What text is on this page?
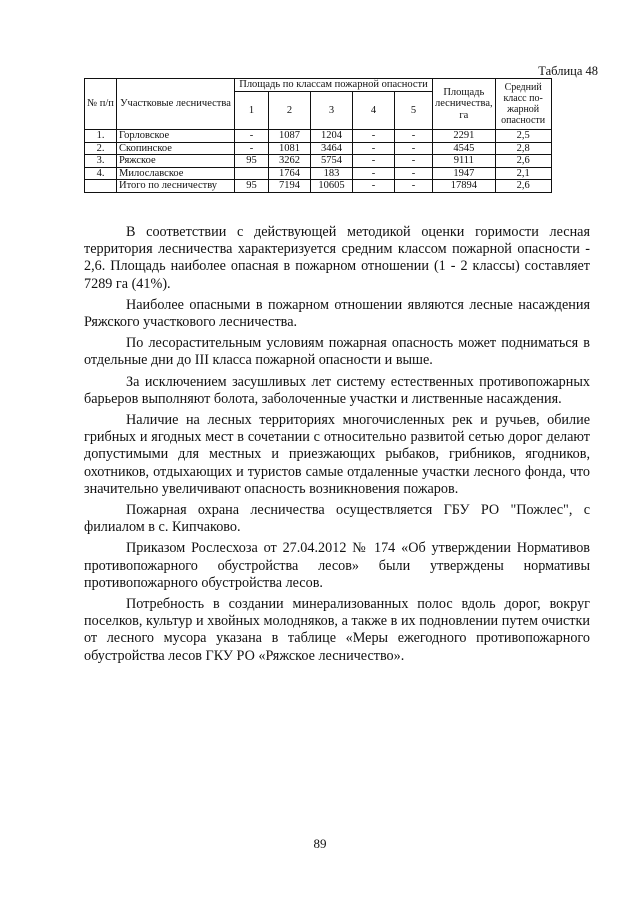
Таблица 48
№ п/п	Участковые лесничества	Площадь по классам пожарной опасности					Площадь лесничества, га	Средний класс по-жарной опасности
		1	2	3	4	5		
1.	Горловское	-	1087	1204	-	-	2291	2,5
2.	Скопинское	-	1081	3464	-	-	4545	2,8
3.	Ряжское	95	3262	5754	-	-	9111	2,6
4.	Милославское		1764	183	-	-	1947	2,1
	Итого по лесничеству	95	7194	10605	-	-	17894	2,6

В соответствии с действующей методикой оценки горимости лесная территория лесничества характеризуется средним классом пожарной опасности - 2,6. Площадь наиболее опасная в пожарном отношении (1 - 2 классы) составляет 7289 га (41%).

Наиболее опасными в пожарном отношении являются лесные насаждения Ряжского участкового лесничества.

По лесорастительным условиям пожарная опасность может подниматься в отдельные дни до III класса пожарной опасности и выше.

За исключением засушливых лет систему естественных противопожарных барьеров выполняют болота, заболоченные участки и лиственные насаждения.

Наличие на лесных территориях многочисленных рек и ручьев, обилие грибных и ягодных мест в сочетании с относительно развитой сетью дорог делают допустимыми для местных и приезжающих рыбаков, грибников, ягодников, охотников, отдыхающих и туристов самые отдаленные участки лесного фонда, что значительно увеличивают опасность возникновения пожаров.

Пожарная охрана лесничества осуществляется ГБУ РО "Пожлес", с филиалом в с. Кипчаково.

Приказом Рослесхоза от 27.04.2012 № 174 «Об утверждении Нормативов противопожарного обустройства лесов» были утверждены нормативы противопожарного обустройства лесов.

Потребность в создании минерализованных полос вдоль дорог, вокруг поселков, культур и хвойных молодняков, а также в их подновлении путем очистки от лесного мусора указана в таблице «Меры ежегодного противопожарного обустройства лесов ГКУ РО «Ряжское лесничество».

89
